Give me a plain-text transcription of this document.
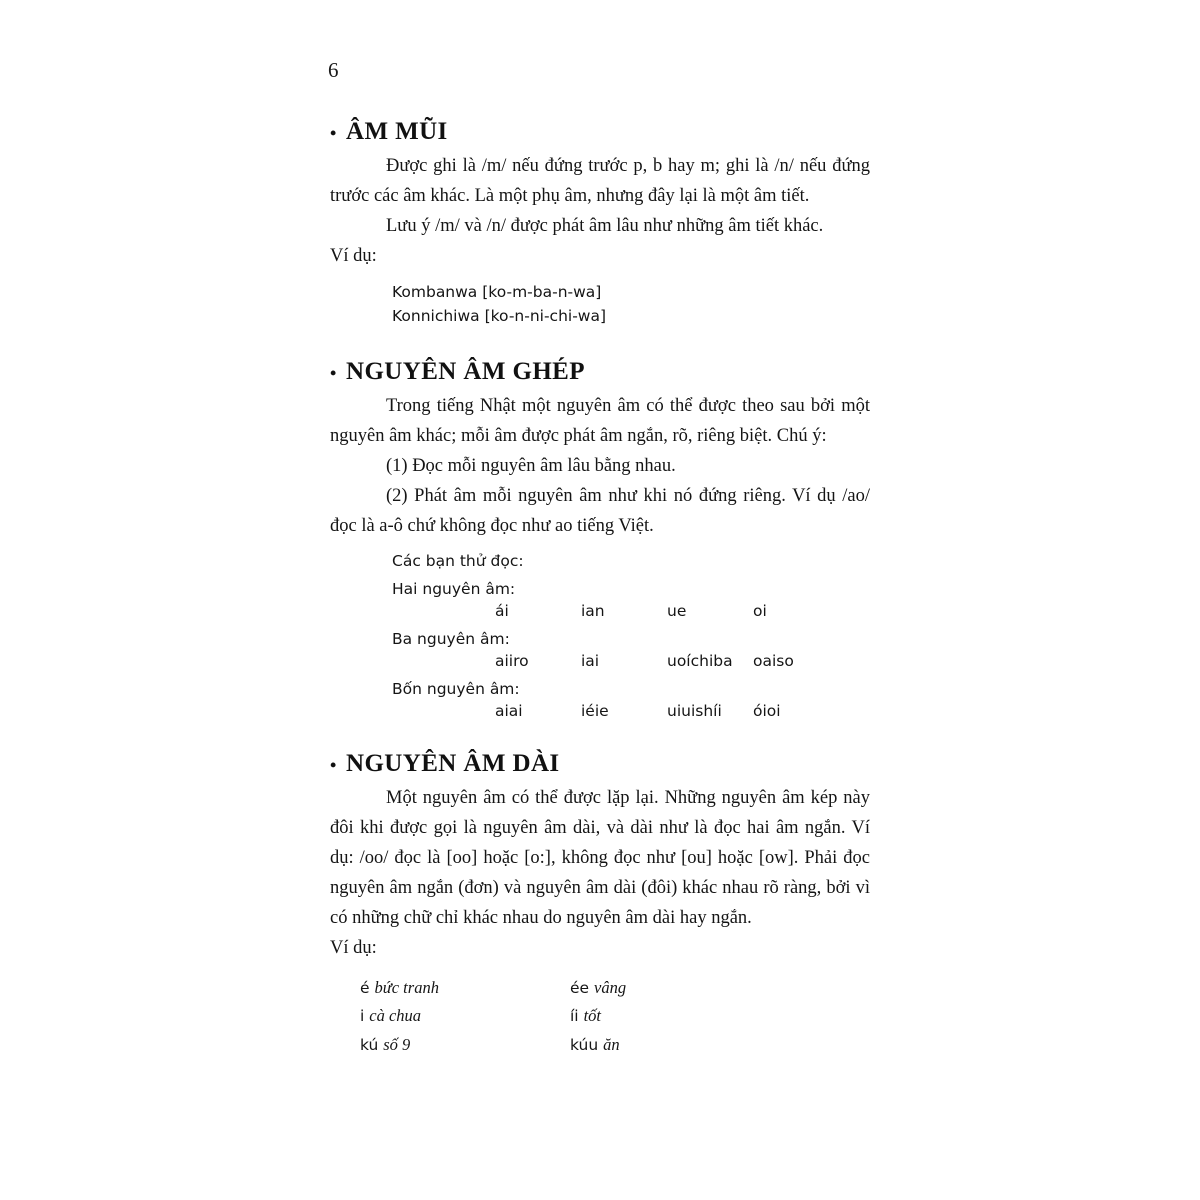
6
• ÂM MŨI

Được ghi là /m/ nếu đứng trước p, b hay m; ghi là /n/ nếu đứng trước các âm khác. Là một phụ âm, nhưng đây lại là một âm tiết.

Lưu ý /m/ và /n/ được phát âm lâu như những âm tiết khác.

Ví dụ:

Kombanwa [ko-m-ba-n-wa]
Konnichiwa [ko-n-ni-chi-wa]
• NGUYÊN ÂM GHÉP

Trong tiếng Nhật một nguyên âm có thể được theo sau bởi một nguyên âm khác; mỗi âm được phát âm ngắn, rõ, riêng biệt. Chú ý:

(1) Đọc mỗi nguyên âm lâu bằng nhau.

(2) Phát âm mỗi nguyên âm như khi nó đứng riêng. Ví dụ /ao/ đọc là a-ô chứ không đọc như ao tiếng Việt.

Các bạn thử đọc:
Hai nguyên âm:
ái	ian	ue	oi
Ba nguyên âm:
aiiro	iai	uoíchiba	oaiso
Bốn nguyên âm:
aiai	iéie	uiuishíi	óioi
• NGUYÊN ÂM DÀI

Một nguyên âm có thể được lặp lại. Những nguyên âm kép này đôi khi được gọi là nguyên âm dài, và dài như là đọc hai âm ngắn. Ví dụ: /oo/ đọc là [oo] hoặc [o:], không đọc như [ou] hoặc [ow]. Phải đọc nguyên âm ngắn (đơn) và nguyên âm dài (đôi) khác nhau rõ ràng, bởi vì có những chữ chỉ khác nhau do nguyên âm dài hay ngắn.

Ví dụ:

é bức tranh	ée vâng
i cà chua	íi tốt
kú số 9	kúu ăn
